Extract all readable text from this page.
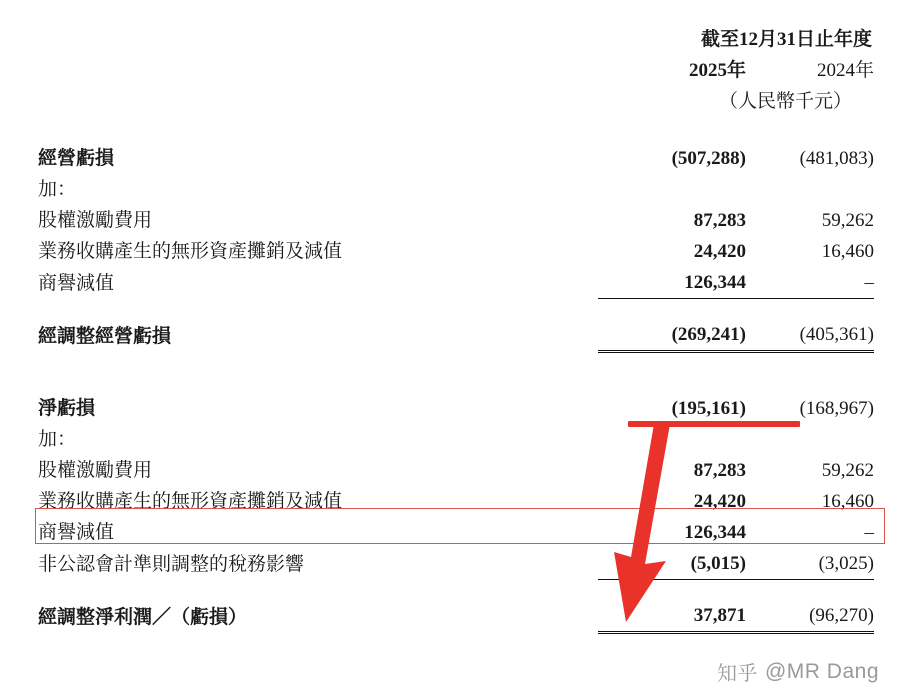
	截至12月31日止年度	
	2025年	2024年
	（人民幣千元）	

經營虧損	(507,288)	(481,083)
加：		
股權激勵費用	87,283	59,262
業務收購產生的無形資產攤銷及減值	24,420	16,460
商譽減值	126,344	–

經調整經營虧損	(269,241)	(405,361)

淨虧損	(195,161)	(168,967)
加：		
股權激勵費用	87,283	59,262
業務收購產生的無形資產攤銷及減值	24,420	16,460
商譽減值	126,344	–
非公認會計準則調整的稅務影響	(5,015)	(3,025)

經調整淨利潤／（虧損）	37,871	(96,270)
知乎 @MR Dang
